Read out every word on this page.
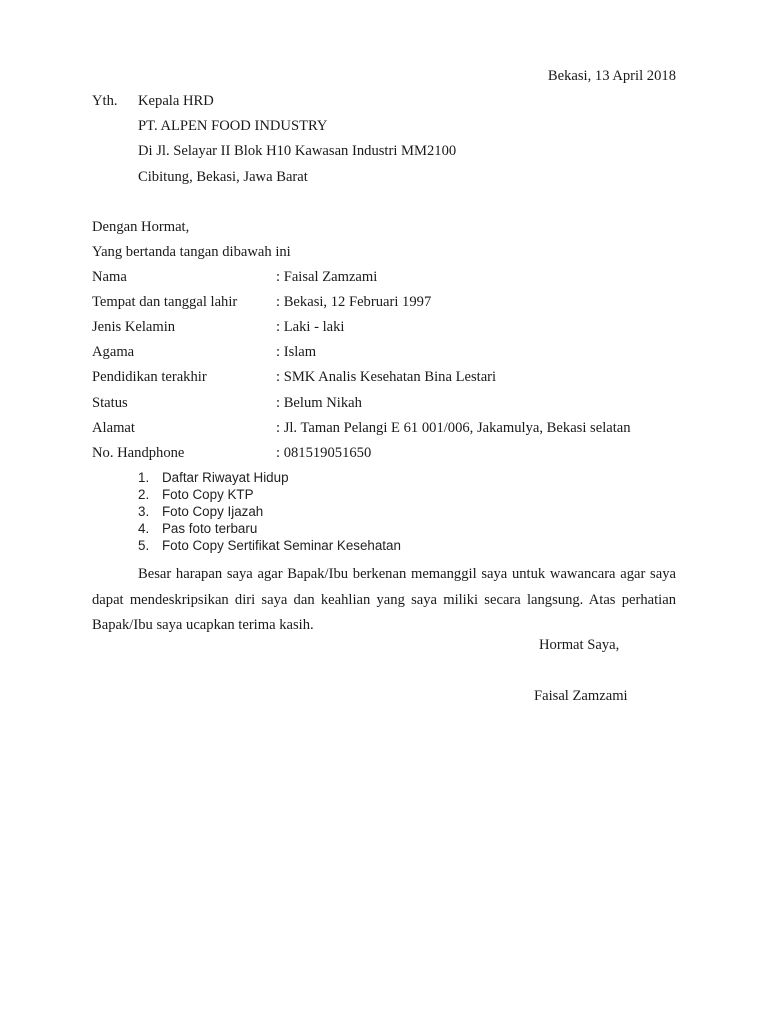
Bekasi, 13 April 2018
Yth. Kepala HRD
PT. ALPEN FOOD INDUSTRY
Di Jl. Selayar II Blok H10 Kawasan Industri MM2100
Cibitung, Bekasi, Jawa Barat
Dengan Hormat,
Yang bertanda tangan dibawah ini
Nama	: Faisal Zamzami
Tempat dan tanggal lahir	: Bekasi, 12 Februari 1997
Jenis Kelamin	: Laki - laki
Agama	: Islam
Pendidikan terakhir	: SMK Analis Kesehatan Bina Lestari
Status	: Belum Nikah
Alamat	: Jl. Taman Pelangi E 61 001/006, Jakamulya, Bekasi selatan
No. Handphone	: 081519051650
1. Daftar Riwayat Hidup
2. Foto Copy KTP
3. Foto Copy Ijazah
4. Pas foto terbaru
5. Foto Copy Sertifikat Seminar Kesehatan

Besar harapan saya agar Bapak/Ibu berkenan memanggil saya untuk wawancara agar saya dapat mendeskripsikan diri saya dan keahlian yang saya miliki secara langsung. Atas perhatian Bapak/Ibu saya ucapkan terima kasih.

Hormat Saya,
Faisal Zamzami
